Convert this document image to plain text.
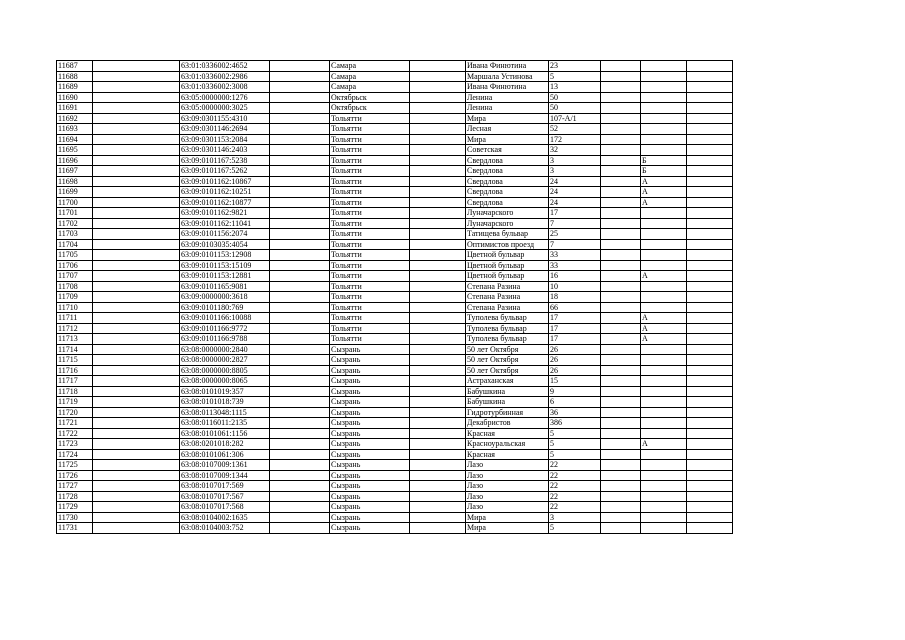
11687		63:01:0336002:4652		Самара		Ивана Финютина	23			
11688		63:01:0336002:2986		Самара		Маршала Устинова	5			
11689		63:01:0336002:3008		Самара		Ивана Финютина	13			
11690		63:05:0000000:1276		Октябрьск		Ленина	50			
11691		63:05:0000000:3025		Октябрьск		Ленина	50			
11692		63:09:0301155:4310		Тольятти		Мира	107-А/1			
11693		63:09:0301146:2694		Тольятти		Лесная	52			
11694		63:09:0301153:2084		Тольятти		Мира	172			
11695		63:09:0301146:2403		Тольятти		Советская	32			
11696		63:09:0101167:5238		Тольятти		Свердлова	3		Б	
11697		63:09:0101167:5262		Тольятти		Свердлова	3		Б	
11698		63:09:0101162:10867		Тольятти		Свердлова	24		А	
11699		63:09:0101162:10251		Тольятти		Свердлова	24		А	
11700		63:09:0101162:10877		Тольятти		Свердлова	24		А	
11701		63:09:0101162:9821		Тольятти		Луначарского	17			
11702		63:09:0101162:11041		Тольятти		Луначарского	7			
11703		63:09:0101156:2074		Тольятти		Татищева бульвар	25			
11704		63:09:0103035:4054		Тольятти		Оптимистов проезд	7			
11705		63:09:0101153:12908		Тольятти		Цветной бульвар	33			
11706		63:09:0101153:15109		Тольятти		Цветной бульвар	33			
11707		63:09:0101153:12881		Тольятти		Цветной бульвар	16		А	
11708		63:09:0101165:9081		Тольятти		Степана Разина	10			
11709		63:09:0000000:3618		Тольятти		Степана Разина	18			
11710		63:09:0101180:769		Тольятти		Степана Разина	66			
11711		63:09:0101166:10088		Тольятти		Туполева бульвар	17		А	
11712		63:09:0101166:9772		Тольятти		Туполева бульвар	17		А	
11713		63:09:0101166:9788		Тольятти		Туполева бульвар	17		А	
11714		63:08:0000000:2840		Сызрань		50 лет Октября	26			
11715		63:08:0000000:2827		Сызрань		50 лет Октября	26			
11716		63:08:0000000:8805		Сызрань		50 лет Октября	26			
11717		63:08:0000000:8065		Сызрань		Астраханская	15			
11718		63:08:0101019:357		Сызрань		Бабушкина	9			
11719		63:08:0101018:739		Сызрань		Бабушкина	6			
11720		63:08:0113048:1115		Сызрань		Гидротурбинная	36			
11721		63:08:0116011:2135		Сызрань		Декабристов	386			
11722		63:08:0101061:1156		Сызрань		Красная	5			
11723		63:08:0201018:282		Сызрань		Красноуральская	5		А	
11724		63:08:0101061:306		Сызрань		Красная	5			
11725		63:08:0107009:1361		Сызрань		Лазо	22			
11726		63:08:0107009:1344		Сызрань		Лазо	22			
11727		63:08:0107017:569		Сызрань		Лазо	22			
11728		63:08:0107017:567		Сызрань		Лазо	22			
11729		63:08:0107017:568		Сызрань		Лазо	22			
11730		63:08:0104002:1635		Сызрань		Мира	3			
11731		63:08:0104003:752		Сызрань		Мира	5			
